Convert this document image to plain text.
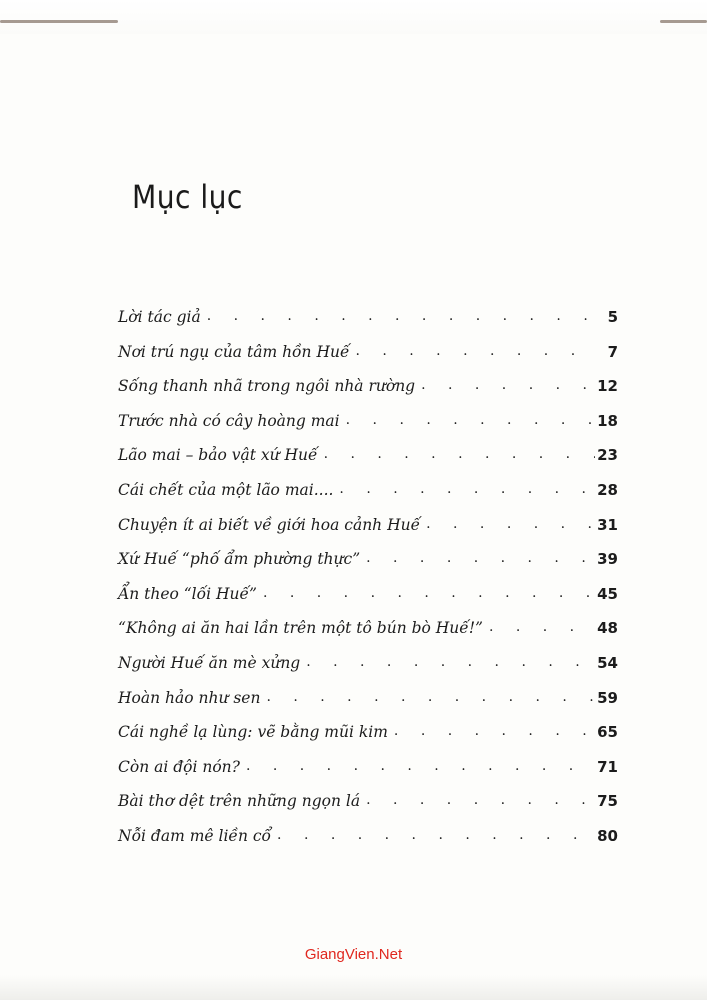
Mục lục
Lời tác giả . . .	5
Nơi trú ngụ của tâm hồn Huế . . .	7
Sống thanh nhã trong ngôi nhà rường . . .	12
Trước nhà có cây hoàng mai . . .	18
Lão mai – bảo vật xứ Huế . . .	23
Cái chết của một lão mai.... . . .	28
Chuyện ít ai biết về giới hoa cảnh Huế . . .	31
Xứ Huế “phố ẩm phường thực” . . .	39
Ẩn theo “lối Huế” . . .	45
“Không ai ăn hai lần trên một tô bún bò Huế!” . . .	48
Người Huế ăn mè xửng . . .	54
Hoàn hảo như sen . . .	59
Cái nghề lạ lùng: vẽ bằng mũi kim . . .	65
Còn ai đội nón? . . .	71
Bài thơ dệt trên những ngọn lá . . .	75
Nỗi đam mê liền cổ . . .	80

GiangVien.Net
